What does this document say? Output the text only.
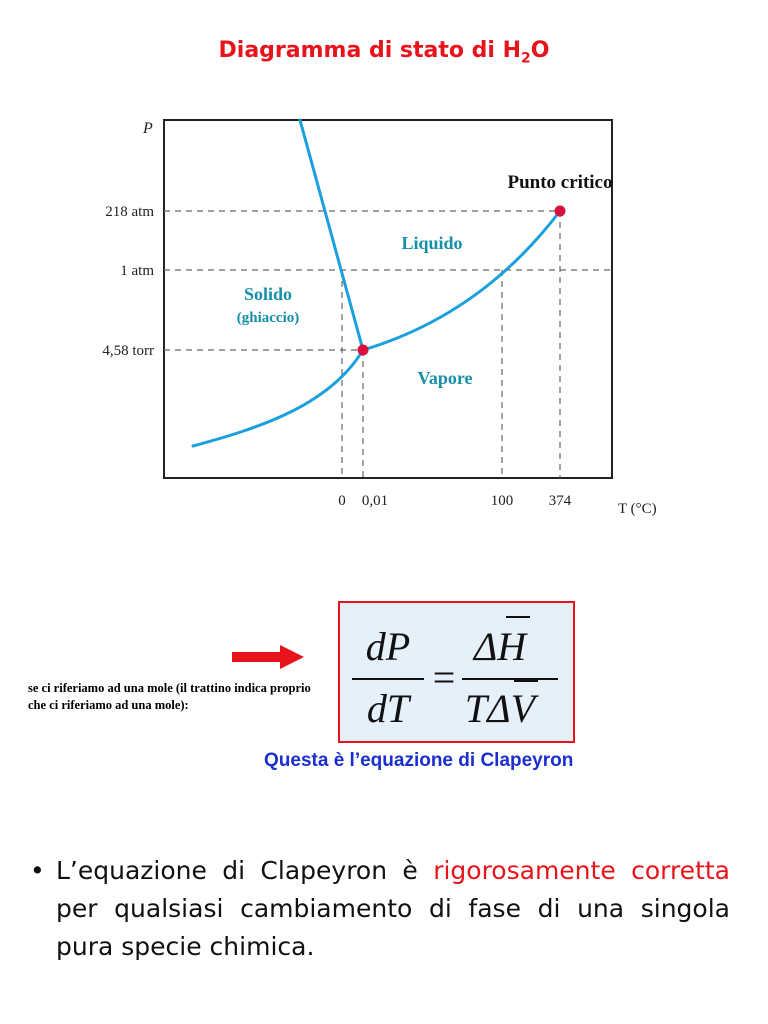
Diagramma di stato di $H_2O$
P
T (°C)
218 atm
1 atm
4,58 torr
0 0,01	100 374
Solido
(ghiaccio)
Liquido
Vapore
Punto critico
se ci riferiamo ad una mole (il trattino indica proprio che ci riferiamo ad una mole):
dP
dT
ΔH
TΔV
=
Questa è l’equazione di Clapeyron
• L’equazione di Clapeyron è rigorosamente corretta per qualsiasi cambiamento di fase di una singola pura specie chimica.
